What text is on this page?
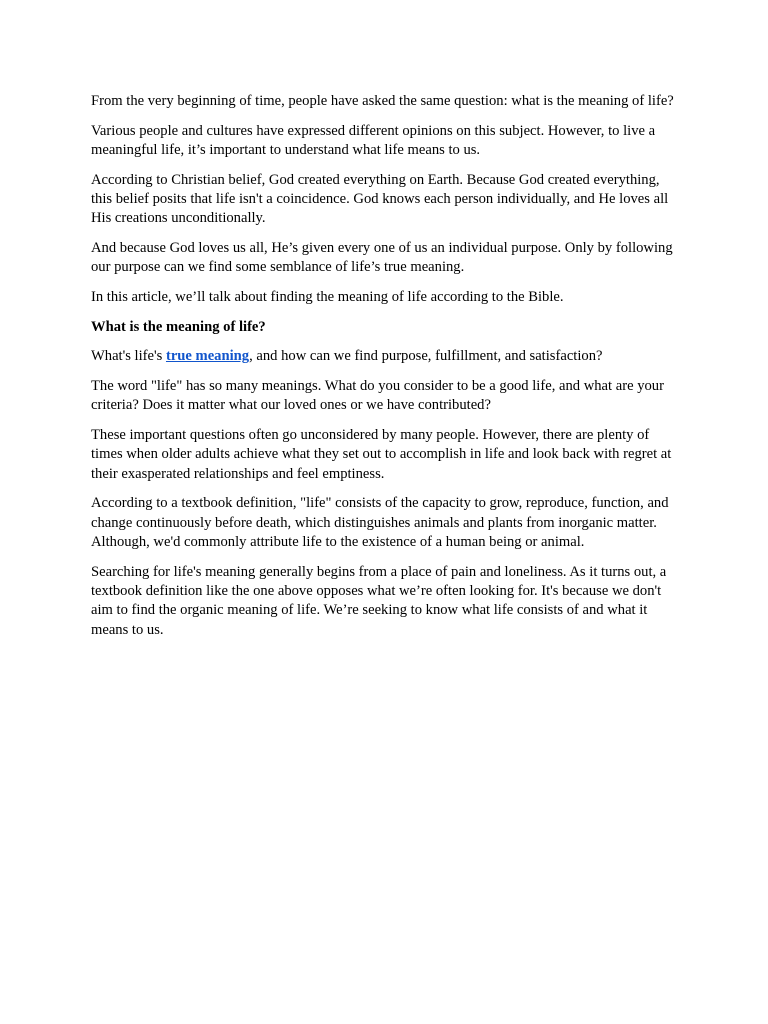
From the very beginning of time, people have asked the same question: what is the meaning of life?

Various people and cultures have expressed different opinions on this subject. However, to live a meaningful life, it’s important to understand what life means to us.

According to Christian belief, God created everything on Earth. Because God created everything, this belief posits that life isn't a coincidence. God knows each person individually, and He loves all His creations unconditionally.

And because God loves us all, He’s given every one of us an individual purpose. Only by following our purpose can we find some semblance of life’s true meaning.

In this article, we’ll talk about finding the meaning of life according to the Bible.

What is the meaning of life?

What's life's true meaning, and how can we find purpose, fulfillment, and satisfaction?

The word "life" has so many meanings. What do you consider to be a good life, and what are your criteria? Does it matter what our loved ones or we have contributed?

These important questions often go unconsidered by many people. However, there are plenty of times when older adults achieve what they set out to accomplish in life and look back with regret at their exasperated relationships and feel emptiness.

According to a textbook definition, "life" consists of the capacity to grow, reproduce, function, and change continuously before death, which distinguishes animals and plants from inorganic matter. Although, we'd commonly attribute life to the existence of a human being or animal.

Searching for life's meaning generally begins from a place of pain and loneliness. As it turns out, a textbook definition like the one above opposes what we’re often looking for. It's because we don't aim to find the organic meaning of life. We’re seeking to know what life consists of and what it means to us.
